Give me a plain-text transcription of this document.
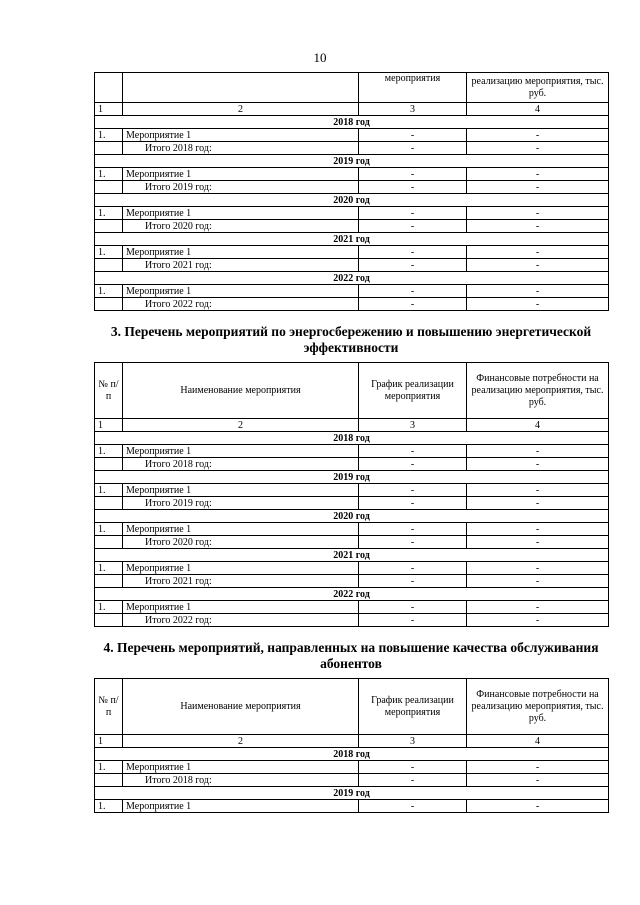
10
		мероприятия	реализацию мероприятия, тыс. руб.
1	2	3	4
2018 год			
1.	Мероприятие 1	-	-
	Итого 2018 год:	-	-
2019 год			
1.	Мероприятие 1	-	-
	Итого 2019 год:	-	-
2020 год			
1.	Мероприятие 1	-	-
	Итого 2020 год:	-	-
2021 год			
1.	Мероприятие 1	-	-
	Итого 2021 год:	-	-
2022 год			
1.	Мероприятие 1	-	-
	Итого 2022 год:	-	-
3. Перечень мероприятий по энергосбережению и повышению энергетической эффективности
№ п/п	Наименование мероприятия	График реализации мероприятия	Финансовые потребности на реализацию мероприятия, тыс. руб.
1	2	3	4
2018 год			
1.	Мероприятие 1	-	-
	Итого 2018 год:	-	-
2019 год			
1.	Мероприятие 1	-	-
	Итого 2019 год:	-	-
2020 год			
1.	Мероприятие 1	-	-
	Итого 2020 год:	-	-
2021 год			
1.	Мероприятие 1	-	-
	Итого 2021 год:	-	-
2022 год			
1.	Мероприятие 1	-	-
	Итого 2022 год:	-	-
4. Перечень мероприятий, направленных на повышение качества обслуживания абонентов
№ п/п	Наименование мероприятия	График реализации мероприятия	Финансовые потребности на реализацию мероприятия, тыс. руб.
1	2	3	4
2018 год			
1.	Мероприятие 1	-	-
	Итого 2018 год:	-	-
2019 год			
1.	Мероприятие 1	-	-
